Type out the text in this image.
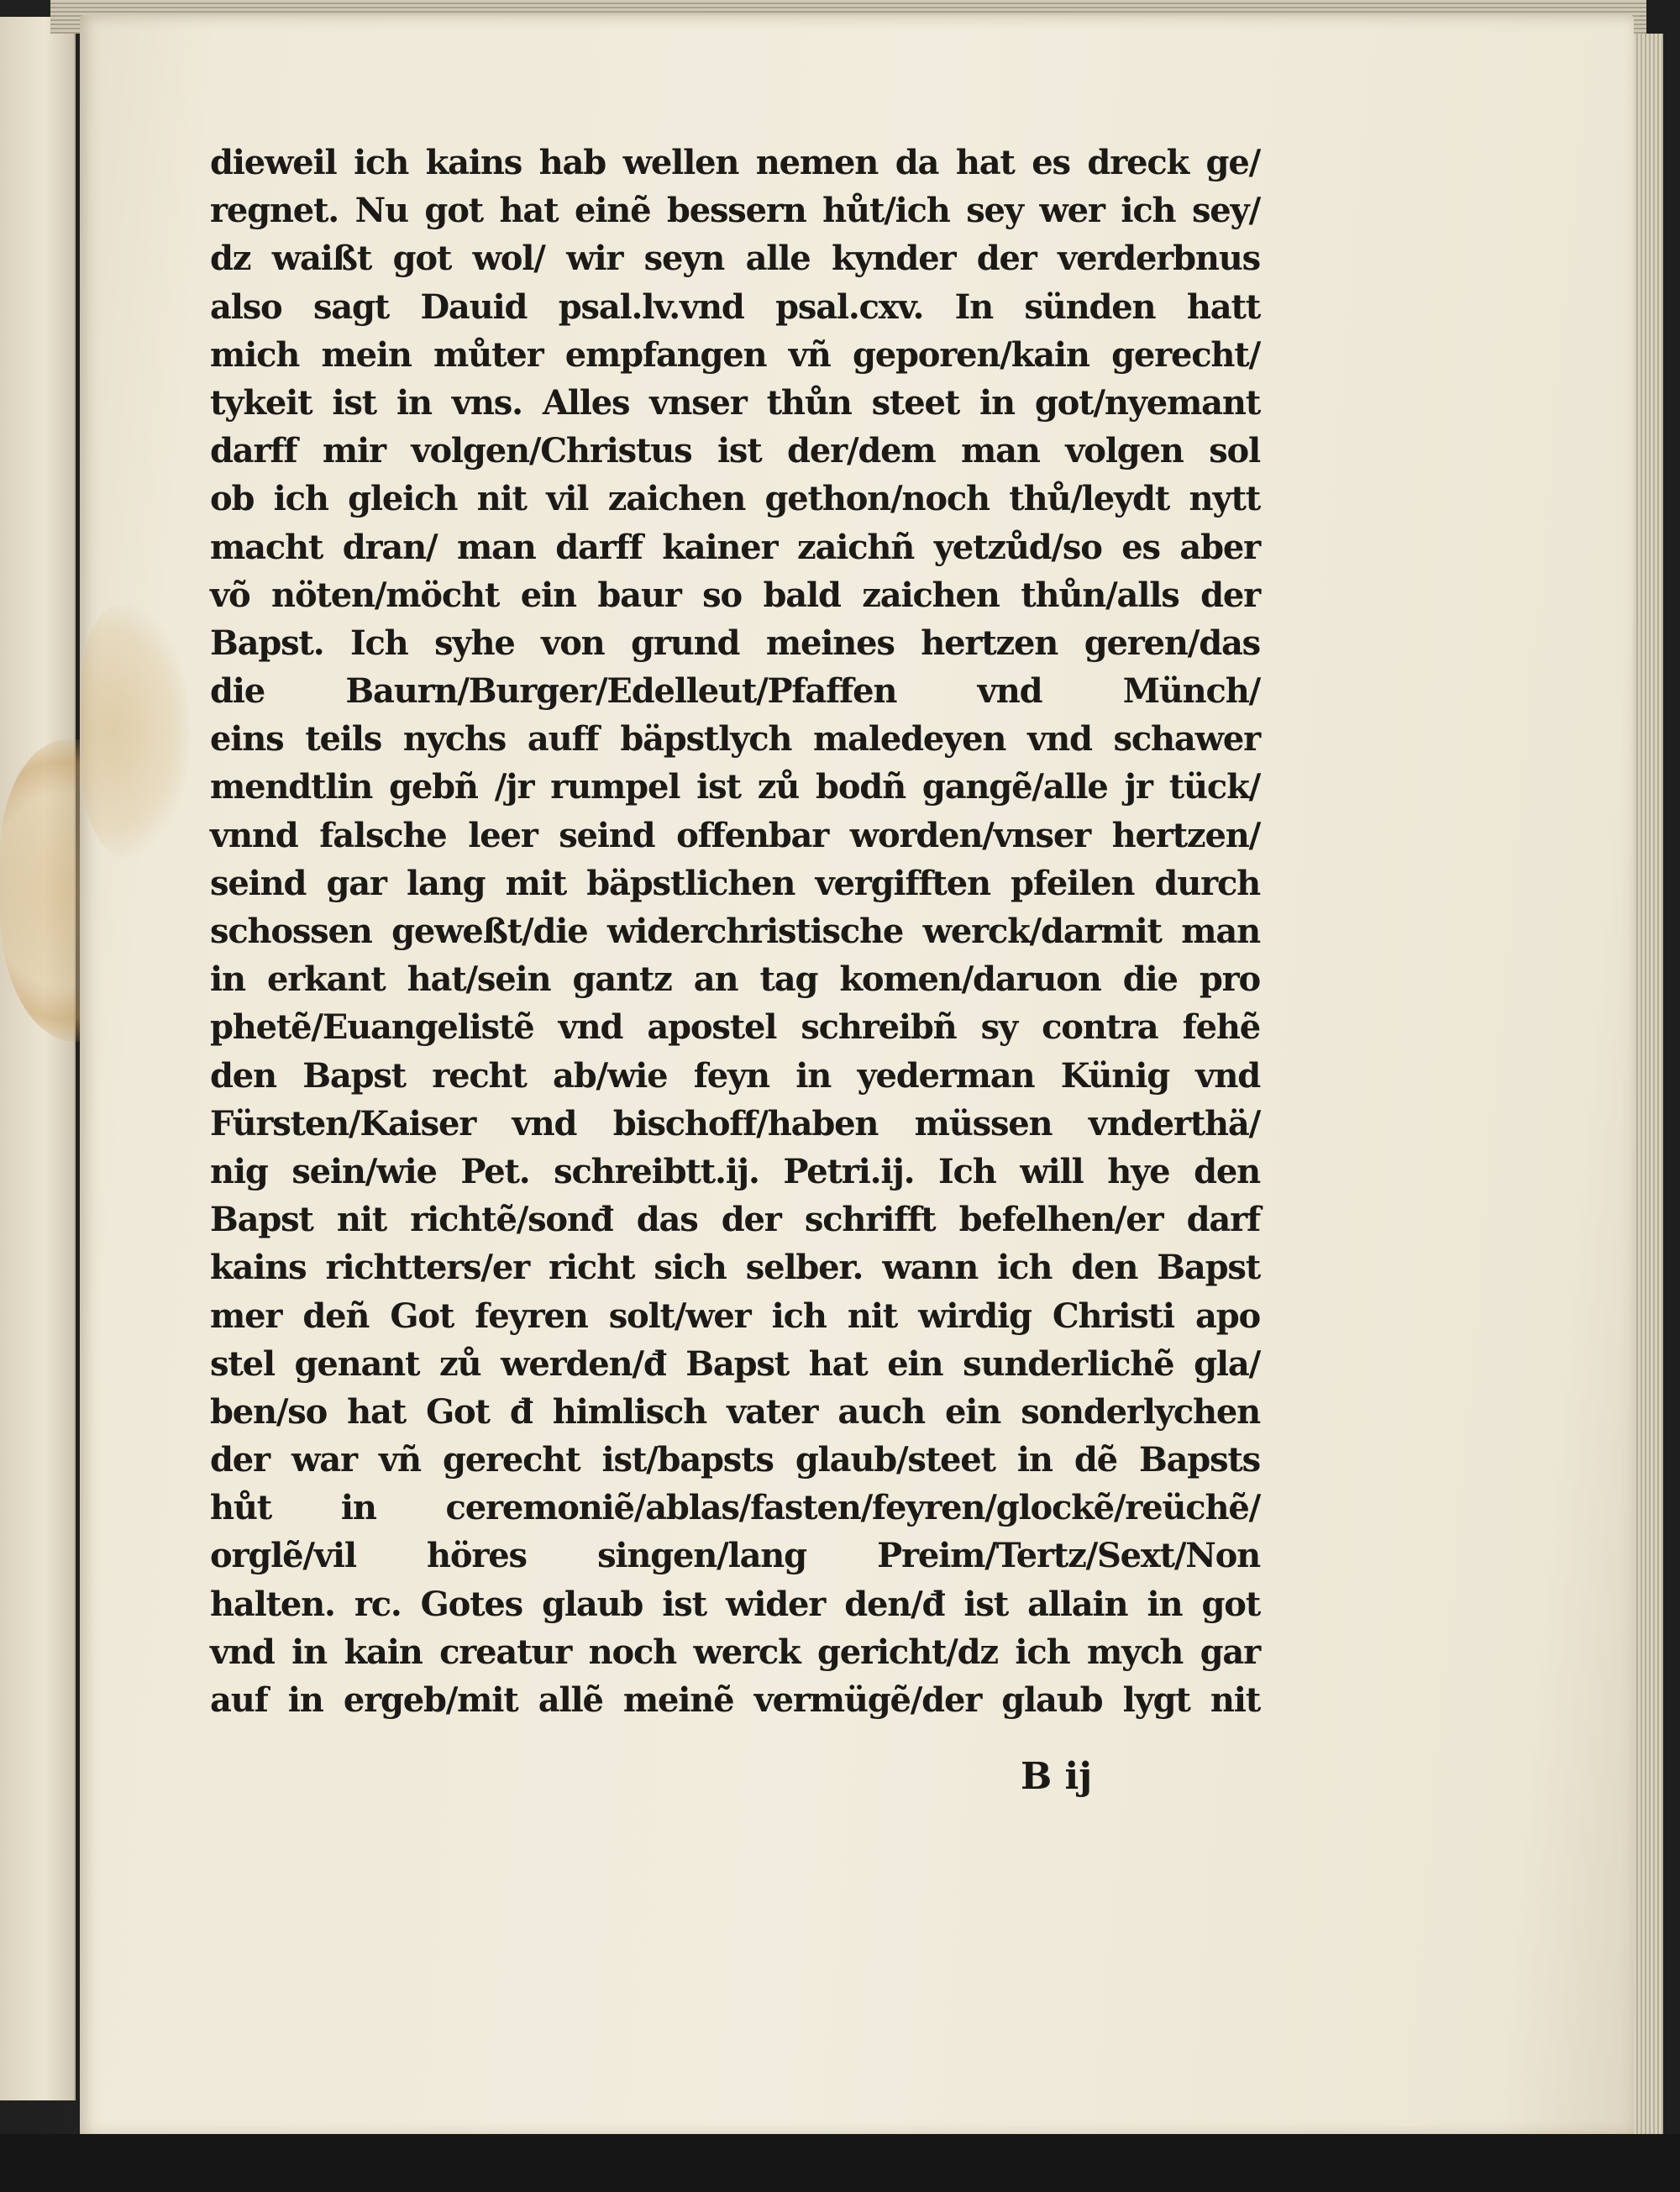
dieweil ich kains hab wellen nemen da hat es dreck ge/
regnet. Nu got hat einẽ bessern hůt/ich sey wer ich sey/
dz waißt got wol/ wir seyn alle kynder der verderbnus
also sagt Dauid psal.lv.vnd psal.cxv. In sünden hatt
mich mein můter empfangen vñ geporen/kain gerecht/
tykeit ist in vns. Alles vnser thůn steet in got/nyemant
darff mir volgen/Christus ist der/dem man volgen sol
ob ich gleich nit vil zaichen gethon/noch thů/leydt nytt
macht dran/ man darff kainer zaichñ yetzůd/so es aber
võ nöten/möcht ein baur so bald zaichen thůn/alls der
Bapst. Ich syhe von grund meines hertzen geren/das
die Baurn/Burger/Edelleut/Pfaffen vnd Münch/
eins teils nychs auff bäpstlych maledeyen vnd schawer
mendtlin gebñ /jr rumpel ist zů bodñ gangẽ/alle jr tück/
vnnd falsche leer seind offenbar worden/vnser hertzen/
seind gar lang mit bäpstlichen vergifften pfeilen durch
schossen geweßt/die widerchristische werck/darmit man
in erkant hat/sein gantz an tag komen/daruon die pro
phetẽ/Euangelistẽ vnd apostel schreibñ sy contra fehẽ
den Bapst recht ab/wie feyn in yederman Künig vnd
Fürsten/Kaiser vnd bischoff/haben müssen vnderthä/
nig sein/wie Pet. schreibtt.ij. Petri.ij. Ich will hye den
Bapst nit richtẽ/sonđ das der schrifft befelhen/er darf
kains richtters/er richt sich selber. wann ich den Bapst
mer deñ Got feyren solt/wer ich nit wirdig Christi apo
stel genant zů werden/đ Bapst hat ein sunderlichẽ gla/
ben/so hat Got đ himlisch vater auch ein sonderlychen
der war vñ gerecht ist/bapsts glaub/steet in dẽ Bapsts
hůt in ceremoniẽ/ablas/fasten/feyren/glockẽ/reüchẽ/
orglẽ/vil höres singen/lang Preim/Tertz/Sext/Non
halten. rc. Gotes glaub ist wider den/đ ist allain in got
vnd in kain creatur noch werck gericht/dz ich mych gar
auf in ergeb/mit allẽ meinẽ vermügẽ/der glaub lygt nit
B ij
